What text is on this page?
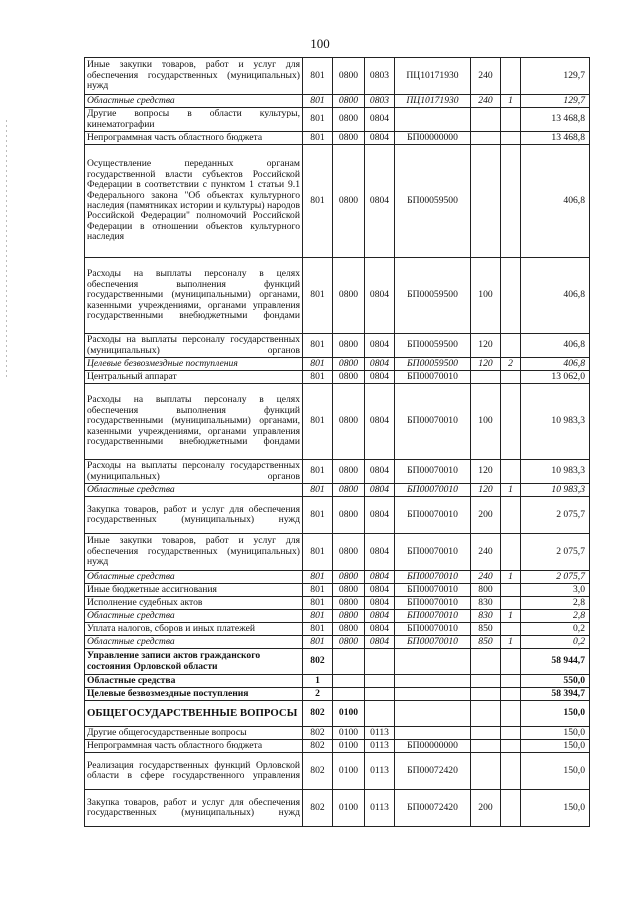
100
Иные закупки товаров, работ и услуг для обеспечения государственных (муниципальных) нужд	801	0800	0803	ПЦ10171930	240		129,7
Областные средства	801	0800	0803	ПЦ10171930	240	1	129,7
Другие вопросы в области культуры, кинематографии	801	0800	0804				13 468,8
Непрограммная часть областного бюджета	801	0800	0804	БП00000000			13 468,8
Осуществление переданных органам государственной власти субъектов Российской Федерации в соответствии с пунктом 1 статьи 9.1 Федерального закона "Об объектах культурного наследия (памятниках истории и культуры) народов Российской Федерации" полномочий Российской Федерации в отношении объектов культурного наследия	801	0800	0804	БП00059500			406,8
Расходы на выплаты персоналу в целях обеспечения выполнения функций государственными (муниципальными) органами, казенными учреждениями, органами управления государственными внебюджетными фондами	801	0800	0804	БП00059500	100		406,8
Расходы на выплаты персоналу государственных (муниципальных) органов	801	0800	0804	БП00059500	120		406,8
Целевые безвозмездные поступления	801	0800	0804	БП00059500	120	2	406,8
Центральный аппарат	801	0800	0804	БП00070010			13 062,0
Расходы на выплаты персоналу в целях обеспечения выполнения функций государственными (муниципальными) органами, казенными учреждениями, органами управления государственными внебюджетными фондами	801	0800	0804	БП00070010	100		10 983,3
Расходы на выплаты персоналу государственных (муниципальных) органов	801	0800	0804	БП00070010	120		10 983,3
Областные средства	801	0800	0804	БП00070010	120	1	10 983,3
Закупка товаров, работ и услуг для обеспечения государственных (муниципальных) нужд	801	0800	0804	БП00070010	200		2 075,7
Иные закупки товаров, работ и услуг для обеспечения государственных (муниципальных) нужд	801	0800	0804	БП00070010	240		2 075,7
Областные средства	801	0800	0804	БП00070010	240	1	2 075,7
Иные бюджетные ассигнования	801	0800	0804	БП00070010	800		3,0
Исполнение судебных актов	801	0800	0804	БП00070010	830		2,8
Областные средства	801	0800	0804	БП00070010	830	1	2,8
Уплата налогов, сборов и иных платежей	801	0800	0804	БП00070010	850		0,2
Областные средства	801	0800	0804	БП00070010	850	1	0,2
Управление записи актов гражданского состояния Орловской области	802						58 944,7
Областные средства	1						550,0
Целевые безвозмездные поступления	2						58 394,7
ОБЩЕГОСУДАРСТВЕННЫЕ ВОПРОСЫ	802	0100					150,0
Другие общегосударственные вопросы	802	0100	0113				150,0
Непрограммная часть областного бюджета	802	0100	0113	БП00000000			150,0
Реализация государственных функций Орловской области в сфере государственного управления	802	0100	0113	БП00072420			150,0
Закупка товаров, работ и услуг для обеспечения государственных (муниципальных) нужд	802	0100	0113	БП00072420	200		150,0
